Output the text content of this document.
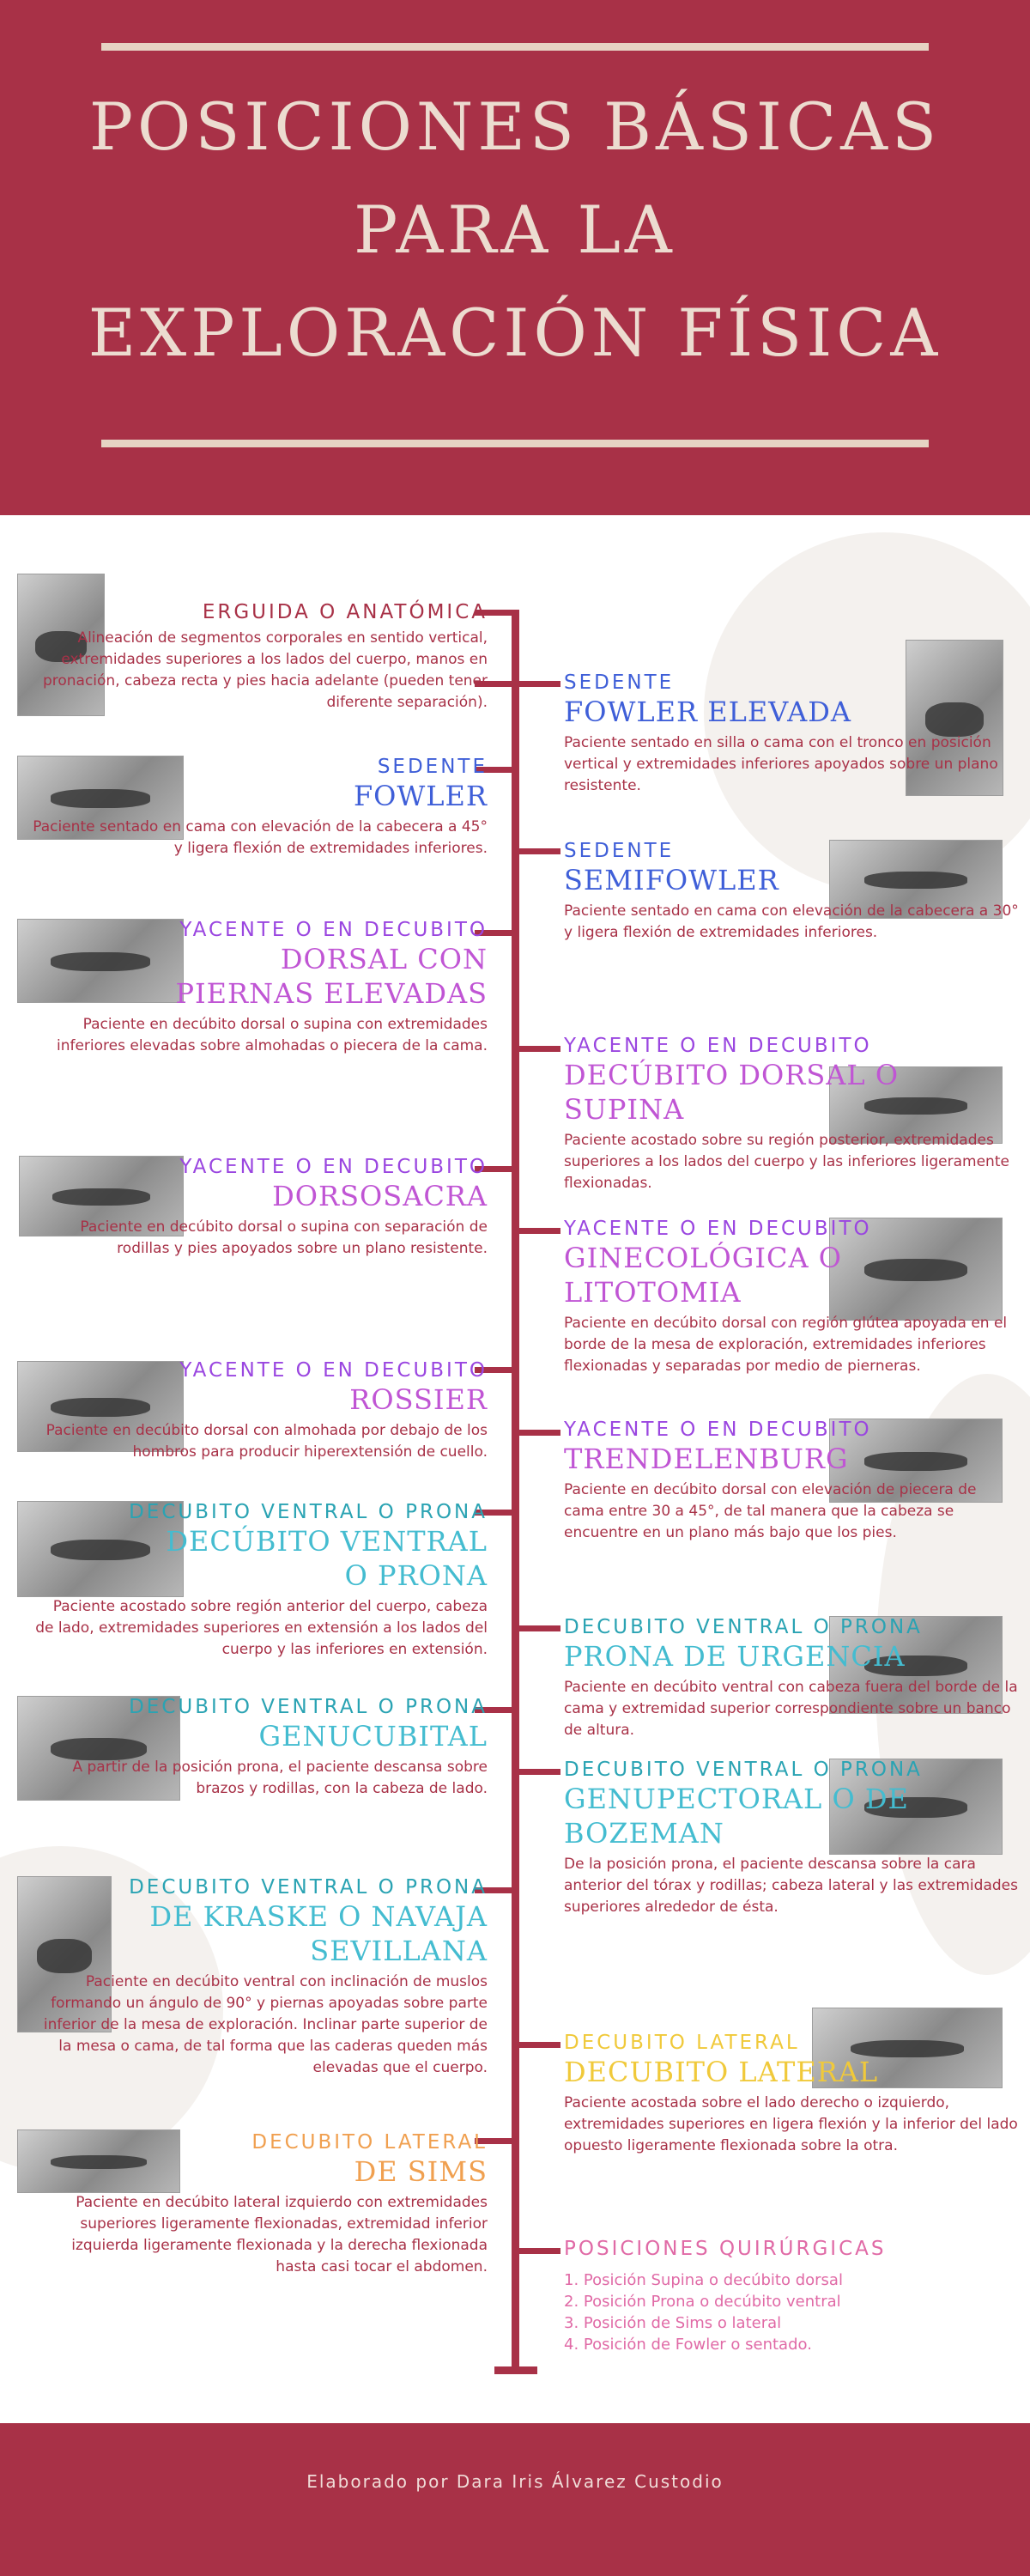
POSICIONES BÁSICAS
PARA LA
EXPLORACIÓN FÍSICA
ERGUIDA O ANATÓMICA
Alineación de segmentos corporales en sentido vertical, extremidades superiores a los lados del cuerpo, manos en pronación, cabeza recta y pies hacia adelante (pueden tener diferente separación).
SEDENTE
FOWLER ELEVADA
Paciente sentado en silla o cama con el tronco en posición vertical y extremidades inferiores apoyados sobre un plano resistente.
SEDENTE
FOWLER
Paciente sentado en cama con elevación de la cabecera a 45° y ligera flexión de extremidades inferiores.	SEDENTE
SEMIFOWLER
Paciente sentado en cama con elevación de la cabecera a 30° y ligera flexión de extremidades inferiores.
YACENTE O EN DECUBITO
DORSAL CON PIERNAS ELEVADAS
Paciente en decúbito dorsal o supina con extremidades inferiores elevadas sobre almohadas o piecera de la cama.	YACENTE O EN DECUBITO
DECÚBITO DORSAL O SUPINA
Paciente acostado sobre su región posterior, extremidades superiores a los lados del cuerpo y las inferiores ligeramente flexionadas.
YACENTE O EN DECUBITO
DORSOSACRA
Paciente en decúbito dorsal o supina con separación de rodillas y pies apoyados sobre un plano resistente.
YACENTE O EN DECUBITO
GINECOLÓGICA O LITOTOMIA
Paciente en decúbito dorsal con región glútea apoyada en el borde de la mesa de exploración, extremidades inferiores flexionadas y separadas por medio de pierneras.
YACENTE O EN DECUBITO
ROSSIER
Paciente en decúbito dorsal con almohada por debajo de los hombros para producir hiperextensión de cuello.
YACENTE O EN DECUBITO
TRENDELENBURG
Paciente en decúbito dorsal con elevación de piecera de cama entre 30 a 45°, de tal manera que la cabeza se encuentre en un plano más bajo que los pies.
DECUBITO VENTRAL O PRONA
DECÚBITO VENTRAL O PRONA
Paciente acostado sobre región anterior del cuerpo, cabeza de lado, extremidades superiores en extensión a los lados del cuerpo y las inferiores en extensión.
DECUBITO VENTRAL O PRONA
PRONA DE URGENCIA
Paciente en decúbito ventral con cabeza fuera del borde de la cama y extremidad superior correspondiente sobre un banco de altura.
DECUBITO VENTRAL O PRONA
GENUCUBITAL
A partir de la posición prona, el paciente descansa sobre brazos y rodillas, con la cabeza de lado.
DECUBITO VENTRAL O PRONA
GENUPECTORAL O DE BOZEMAN
De la posición prona, el paciente descansa sobre la cara anterior del tórax y rodillas; cabeza lateral y las extremidades superiores alrededor de ésta.
DECUBITO VENTRAL O PRONA
DE KRASKE O NAVAJA SEVILLANA
Paciente en decúbito ventral con inclinación de muslos formando un ángulo de 90° y piernas apoyadas sobre parte inferior de la mesa de exploración. Inclinar parte superior de la mesa o cama, de tal forma que las caderas queden más elevadas que el cuerpo.
DECUBITO LATERAL
DECUBITO LATERAL
Paciente acostada sobre el lado derecho o izquierdo, extremidades superiores en ligera flexión y la inferior del lado opuesto ligeramente flexionada sobre la otra.
DECUBITO LATERAL
DE SIMS
Paciente en decúbito lateral izquierdo con extremidades superiores ligeramente flexionadas, extremidad inferior izquierda ligeramente flexionada y la derecha flexionada hasta casi tocar el abdomen.
POSICIONES QUIRÚRGICAS
1. Posición Supina o decúbito dorsal
2. Posición Prona o decúbito ventral
3. Posición de Sims o lateral
4. Posición de Fowler o sentado.
Elaborado por Dara Iris Álvarez Custodio
